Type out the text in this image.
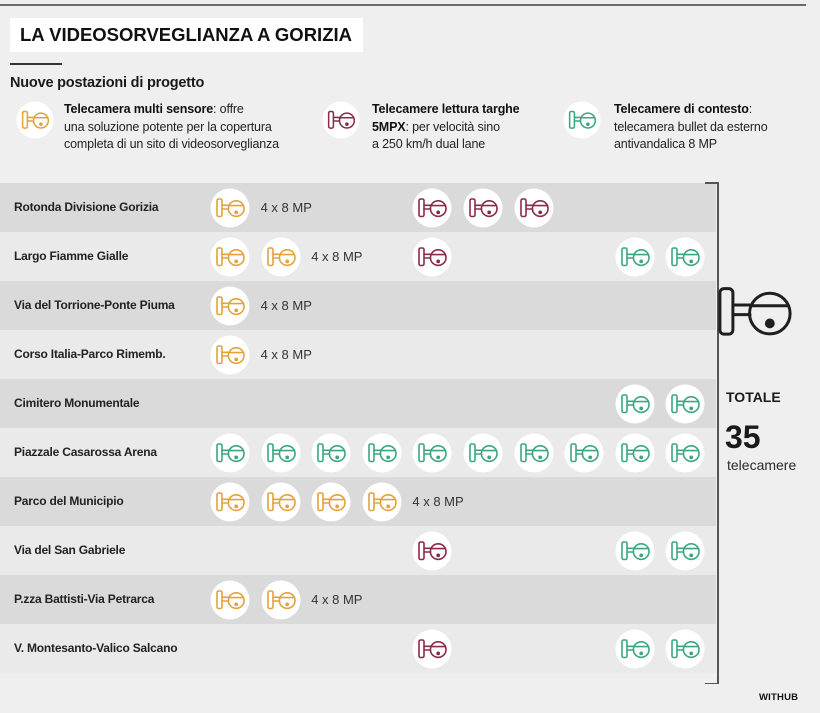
LA VIDEOSORVEGLIANZA A GORIZIA
Nuove postazioni di progetto
Telecamera multi sensore: offre
una soluzione potente per la copertura
completa di un sito di videosorveglianza
Telecamere lettura targhe
5MPX: per velocità sino
a 250 km/h dual lane
Telecamere di contesto:
telecamera bullet da esterno
antivandalica 8 MP
Rotonda Divisione Gorizia	4 x 8 MP
Largo Fiamme Gialle	4 x 8 MP
Via del Torrione-Ponte Piuma	4 x 8 MP
Corso Italia-Parco Rimemb.	4 x 8 MP
Cimitero Monumentale
Piazzale Casarossa Arena
Parco del Municipio	4 x 8 MP
Via del San Gabriele
P.zza Battisti-Via Petrarca	4 x 8 MP
V. Montesanto-Valico Salcano
TOTALE
35
telecamere
WITHUB
